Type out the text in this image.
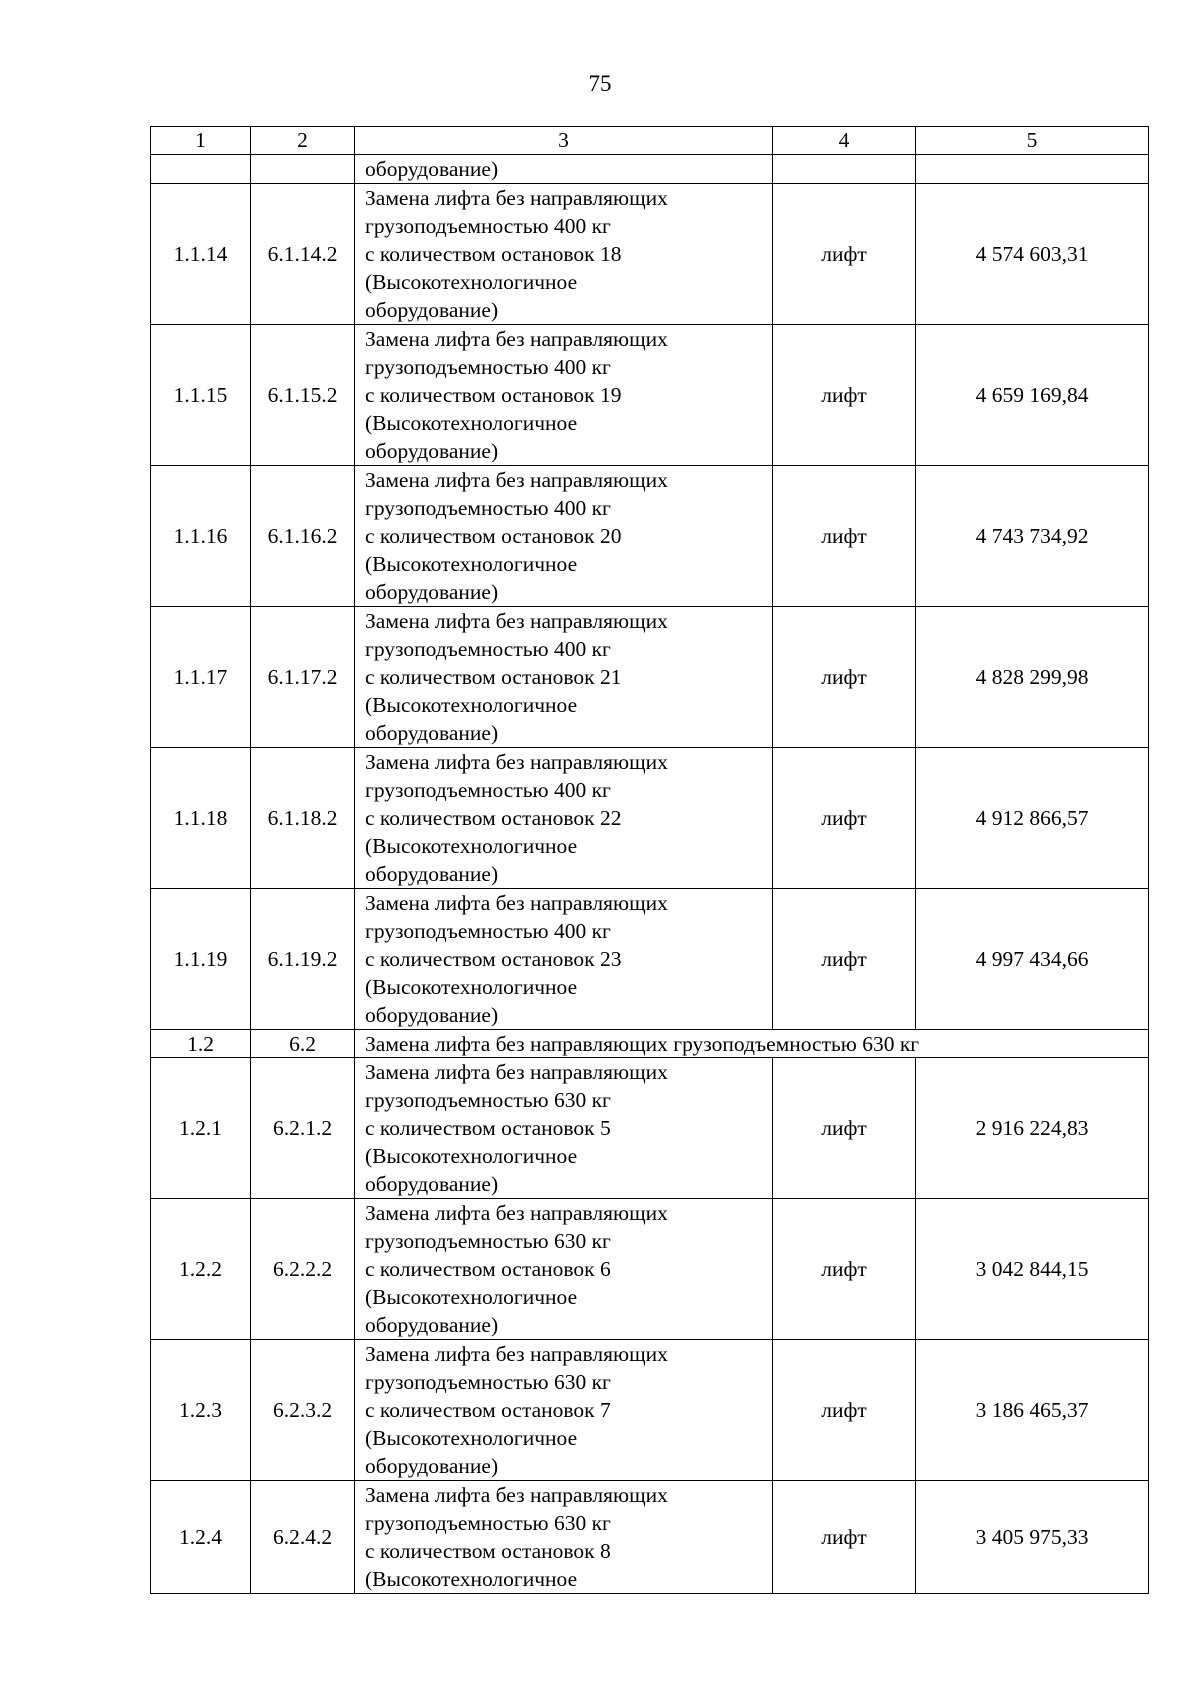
75
1	2	3	4	5

		оборудование)		

1.1.14	6.1.14.2	Замена лифта без направляющих
грузоподъемностью 400 кг
с количеством остановок 18
(Высокотехнологичное
оборудование)	лифт	4 574 603,31
1.1.15	6.1.15.2	Замена лифта без направляющих
грузоподъемностью 400 кг
с количеством остановок 19
(Высокотехнологичное
оборудование)	лифт	4 659 169,84
1.1.16	6.1.16.2	Замена лифта без направляющих
грузоподъемностью 400 кг
с количеством остановок 20
(Высокотехнологичное
оборудование)	лифт	4 743 734,92
1.1.17	6.1.17.2	Замена лифта без направляющих
грузоподъемностью 400 кг
с количеством остановок 21
(Высокотехнологичное
оборудование)	лифт	4 828 299,98
1.1.18	6.1.18.2	Замена лифта без направляющих
грузоподъемностью 400 кг
с количеством остановок 22
(Высокотехнологичное
оборудование)	лифт	4 912 866,57
1.1.19	6.1.19.2	Замена лифта без направляющих
грузоподъемностью 400 кг
с количеством остановок 23
(Высокотехнологичное
оборудование)	лифт	4 997 434,66
1.2	6.2	Замена лифта без направляющих грузоподъемностью 630 кг		
1.2.1	6.2.1.2	Замена лифта без направляющих
грузоподъемностью 630 кг
с количеством остановок 5
(Высокотехнологичное
оборудование)	лифт	2 916 224,83
1.2.2	6.2.2.2	Замена лифта без направляющих
грузоподъемностью 630 кг
с количеством остановок 6
(Высокотехнологичное
оборудование)	лифт	3 042 844,15
1.2.3	6.2.3.2	Замена лифта без направляющих
грузоподъемностью 630 кг
с количеством остановок 7
(Высокотехнологичное
оборудование)	лифт	3 186 465,37
1.2.4	6.2.4.2	Замена лифта без направляющих
грузоподъемностью 630 кг
с количеством остановок 8
(Высокотехнологичное	лифт	3 405 975,33
